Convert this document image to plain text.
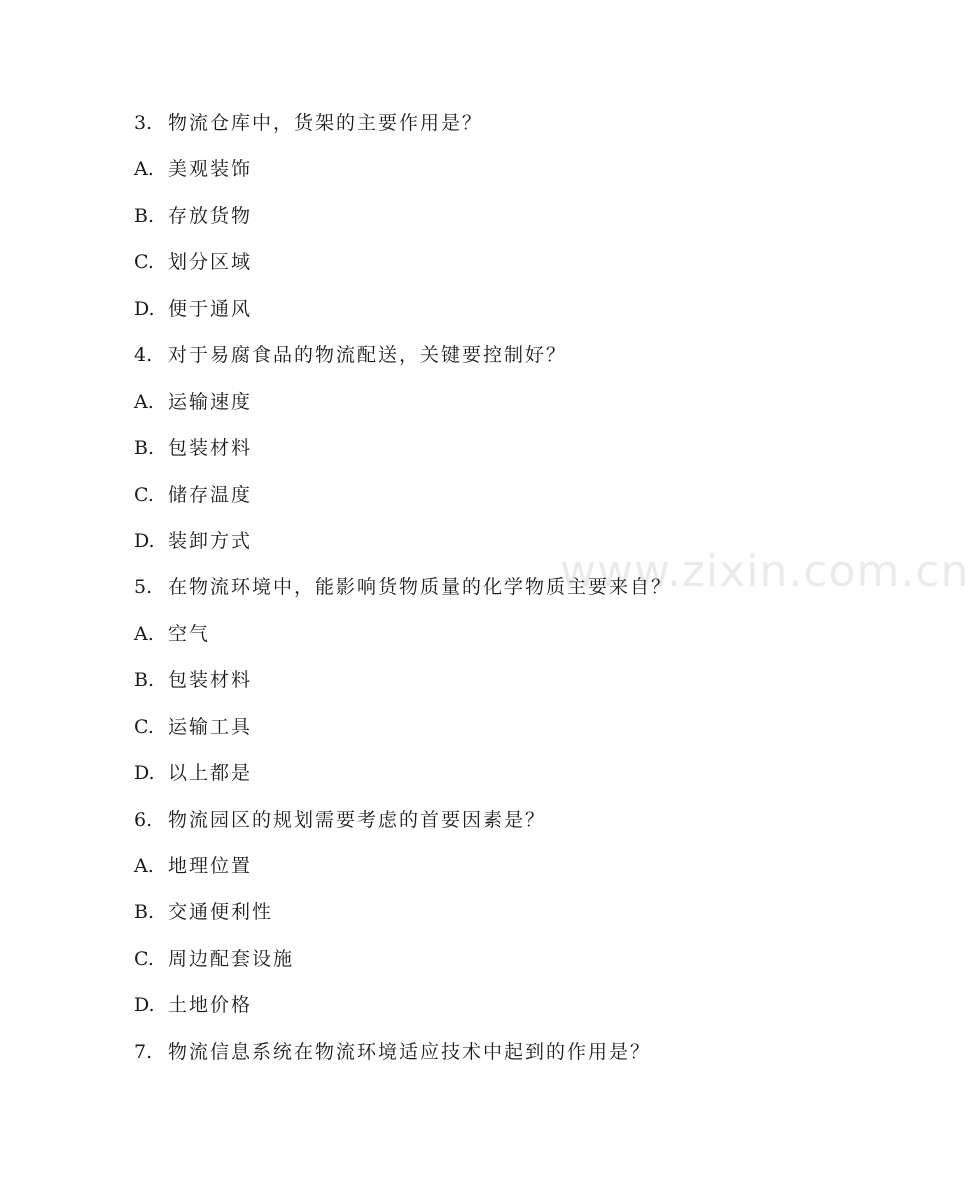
www.zixin.com.cn
3. 物流仓库中，货架的主要作用是？
A. 美观装饰
B. 存放货物
C. 划分区域
D. 便于通风
4. 对于易腐食品的物流配送，关键要控制好？
A. 运输速度
B. 包装材料
C. 储存温度
D. 装卸方式
5. 在物流环境中，能影响货物质量的化学物质主要来自？
A. 空气
B. 包装材料
C. 运输工具
D. 以上都是
6. 物流园区的规划需要考虑的首要因素是？
A. 地理位置
B. 交通便利性
C. 周边配套设施
D. 土地价格
7. 物流信息系统在物流环境适应技术中起到的作用是？
